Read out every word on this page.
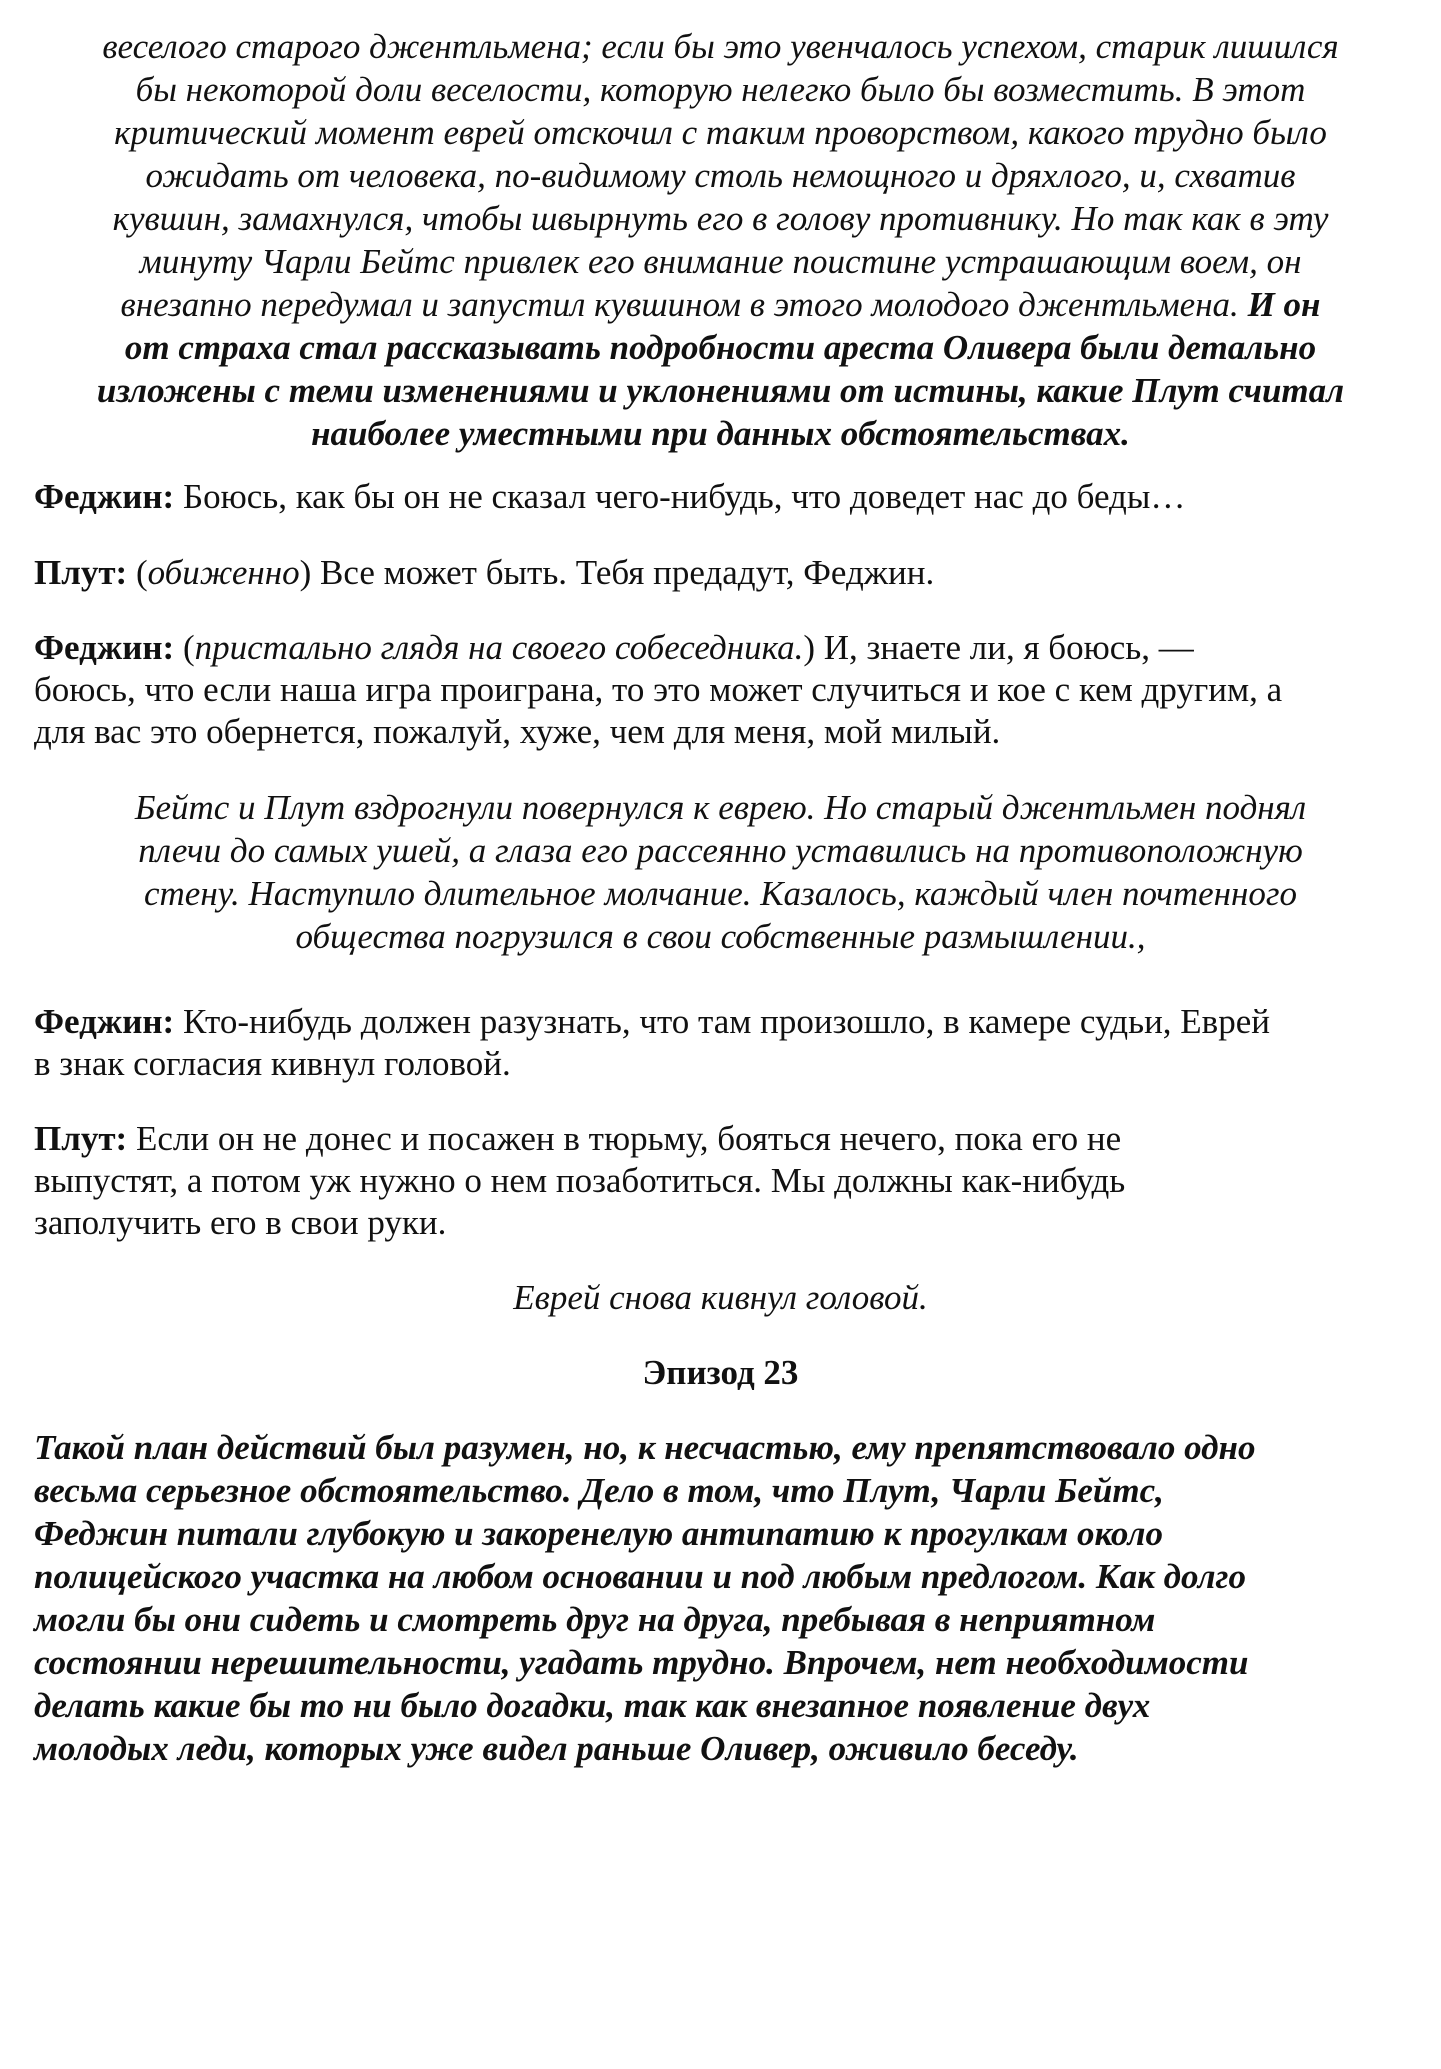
веселого старого джентльмена; если бы это увенчалось успехом, старик лишился

бы некоторой доли веселости, которую нелегко было бы возместить. В этот

критический момент еврей отскочил с таким проворством, какого трудно было

ожидать от человека, по-видимому столь немощного и дряхлого, и, схватив

кувшин, замахнулся, чтобы швырнуть его в голову противнику. Но так как в эту

минуту Чарли Бейтс привлек его внимание поистине устрашающим воем, он

внезапно передумал и запустил кувшином в этого молодого джентльмена. И он

от страха стал рассказывать подробности ареста Оливера были детально

изложены с теми изменениями и уклонениями от истины, какие Плут считал

наиболее уместными при данных обстоятельствах.

Феджин: Боюсь, как бы он не сказал чего-нибудь, что доведет нас до беды…

Плут: (обиженно) Все может быть. Тебя предадут, Феджин.

Феджин: (пристально глядя на своего собеседника.) И, знаете ли, я боюсь, —

боюсь, что если наша игра проиграна, то это может случиться и кое с кем другим, а

для вас это обернется, пожалуй, хуже, чем для меня, мой милый.

Бейтс и Плут вздрогнули повернулся к еврею. Но старый джентльмен поднял

плечи до самых ушей, а глаза его рассеянно уставились на противоположную

стену. Наступило длительное молчание. Казалось, каждый член почтенного

общества погрузился в свои собственные размышлении.,

Феджин: Кто-нибудь должен разузнать, что там произошло, в камере судьи, Еврей

в знак согласия кивнул головой.

Плут: Если он не донес и посажен в тюрьму, бояться нечего, пока его не

выпустят, а потом уж нужно о нем позаботиться. Мы должны как-нибудь

заполучить его в свои руки.

Еврей снова кивнул головой.

Эпизод 23

Такой план действий был разумен, но, к несчастью, ему препятствовало одно

весьма серьезное обстоятельство. Дело в том, что Плут, Чарли Бейтс,

Феджин питали глубокую и закоренелую антипатию к прогулкам около

полицейского участка на любом основании и под любым предлогом. Как долго

могли бы они сидеть и смотреть друг на друга, пребывая в неприятном

состоянии нерешительности, угадать трудно. Впрочем, нет необходимости

делать какие бы то ни было догадки, так как внезапное появление двух

молодых леди, которых уже видел раньше Оливер, оживило беседу.
